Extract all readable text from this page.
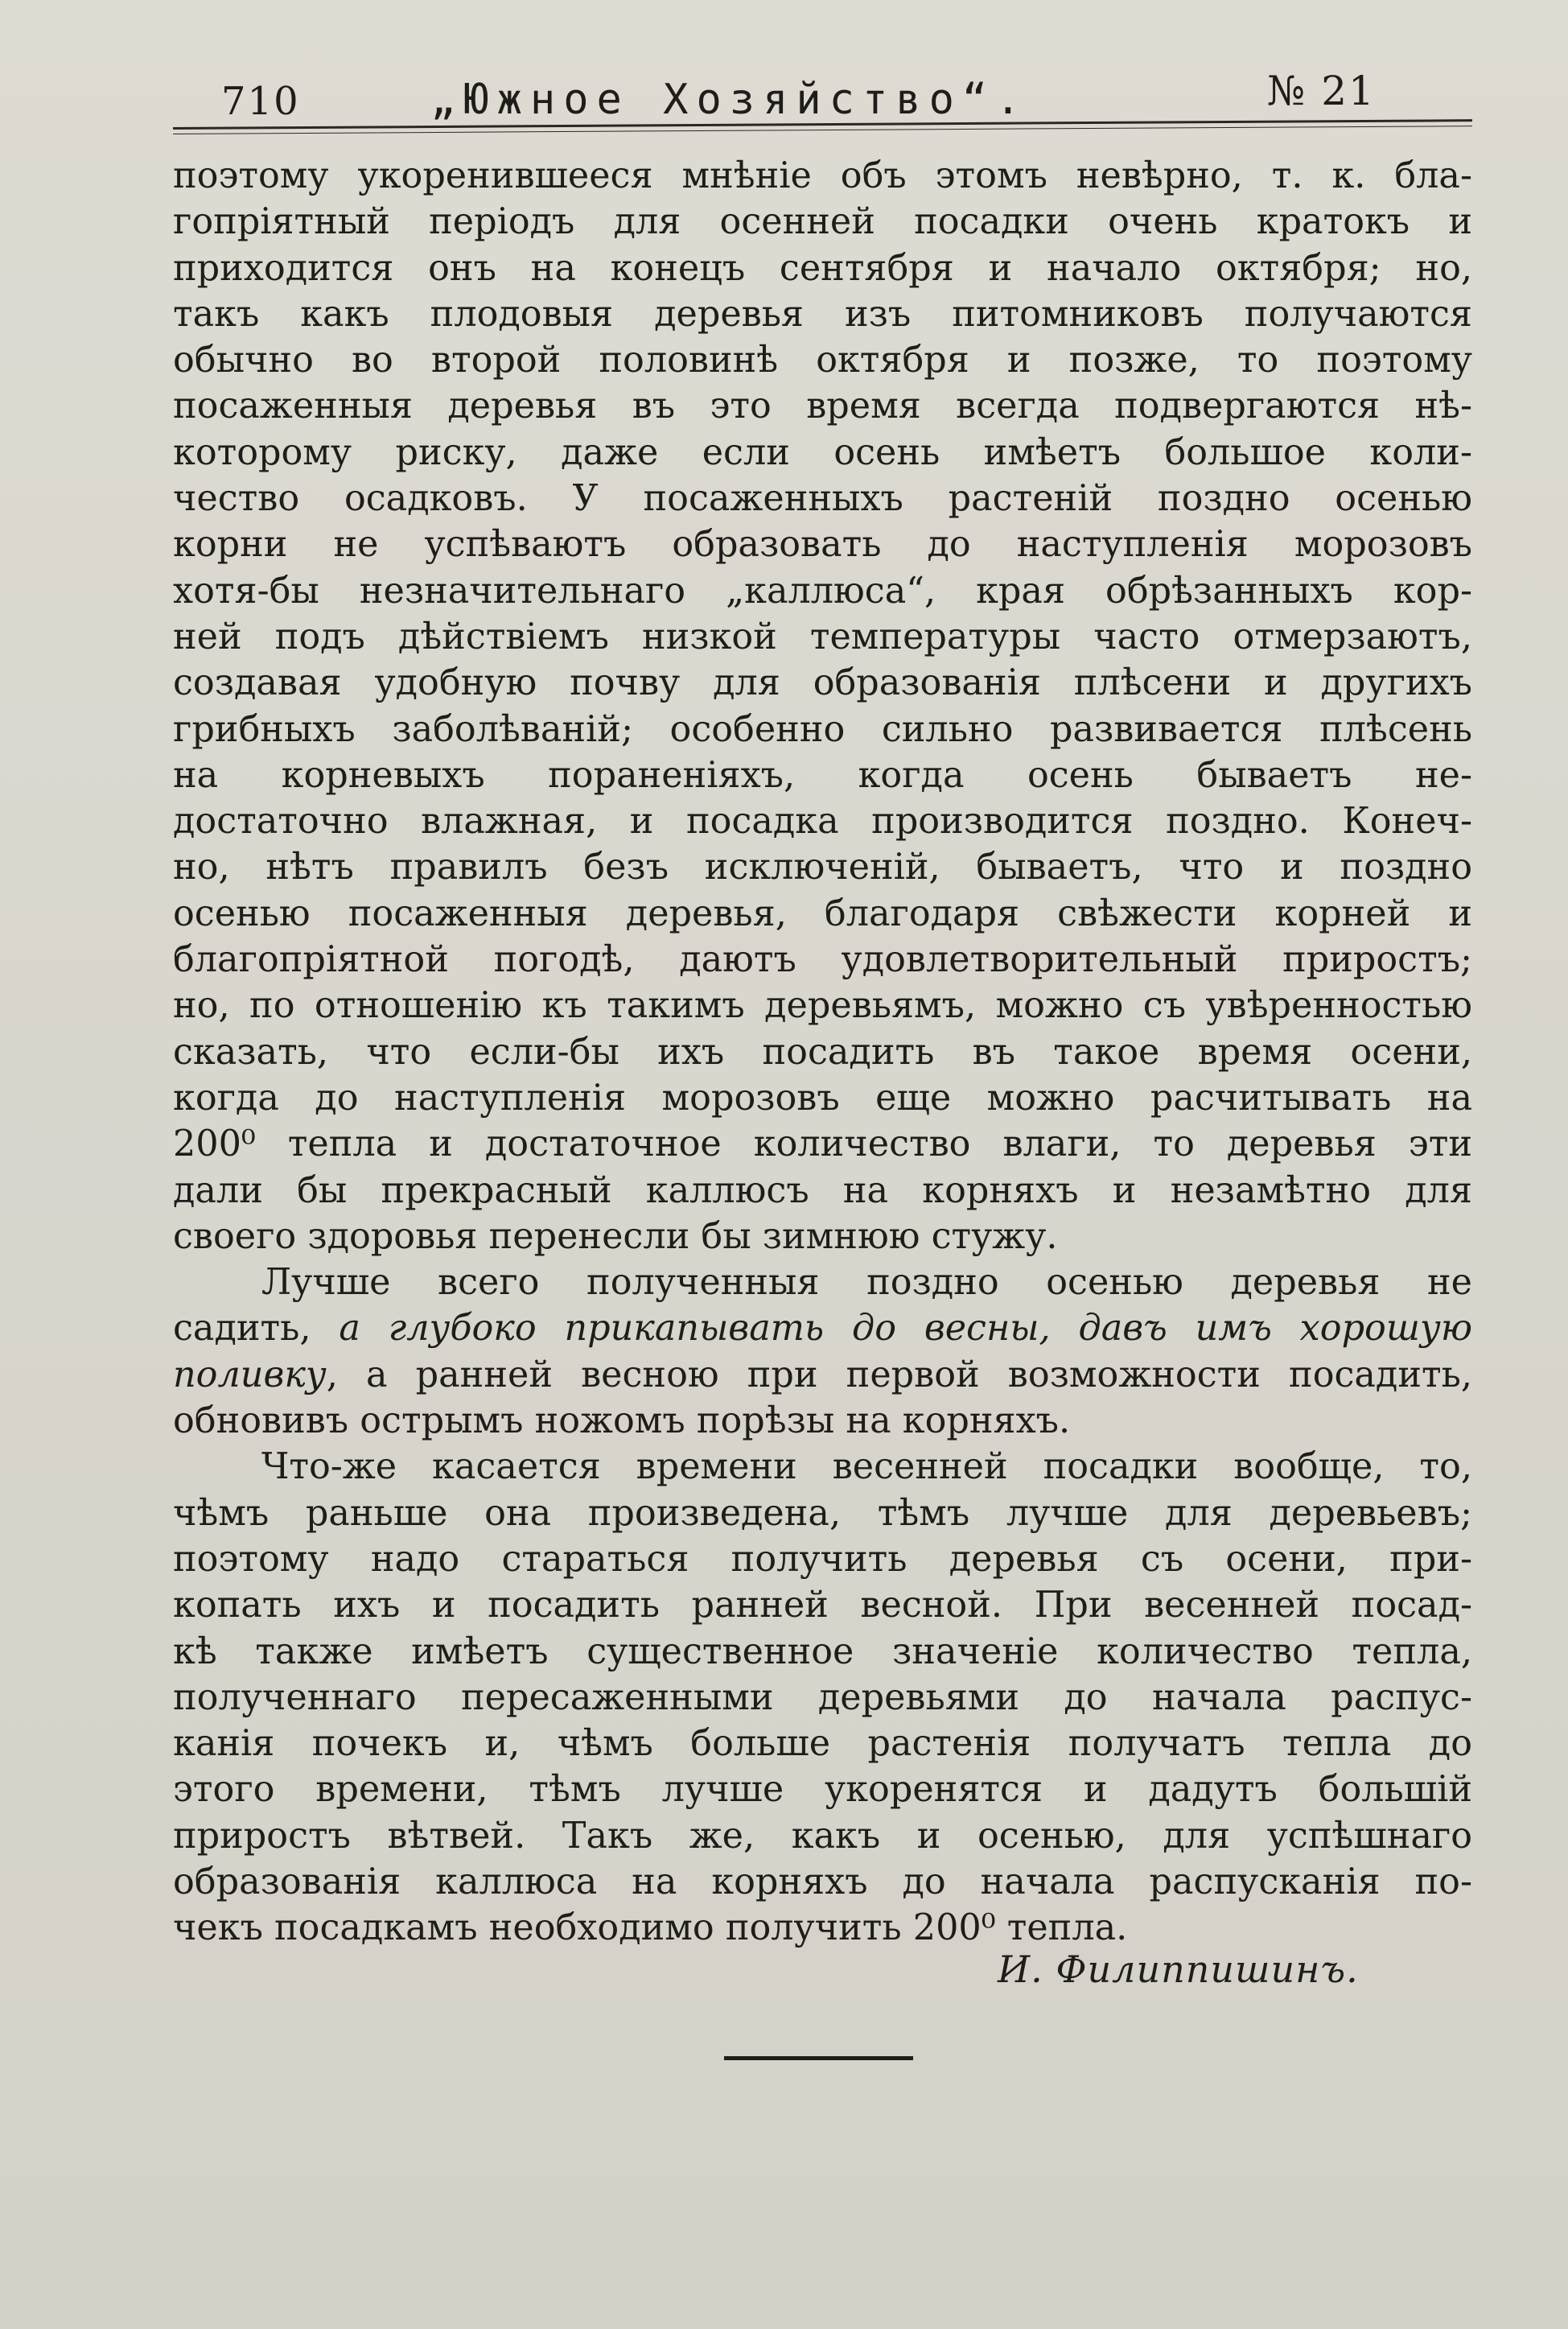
710	„Южное Хозяйство“.	№ 21
поэтому укоренившееся мнѣніе объ этомъ невѣрно, т. к. бла-
гопріятный періодъ для осенней посадки очень кратокъ и
приходится онъ на конецъ сентября и начало октября; но,
такъ какъ плодовыя деревья изъ питомниковъ получаются
обычно во второй половинѣ октября и позже, то поэтому
посаженныя деревья въ это время всегда подвергаются нѣ-
которому риску, даже если осень имѣетъ большое коли-
чество осадковъ. У посаженныхъ растеній поздно осенью
корни не успѣваютъ образовать до наступленія морозовъ
хотя-бы незначительнаго „каллюса“, края обрѣзанныхъ кор-
ней подъ дѣйствіемъ низкой температуры часто отмерзаютъ,
создавая удобную почву для образованія плѣсени и другихъ
грибныхъ заболѣваній; особенно сильно развивается плѣсень
на корневыхъ пораненіяхъ, когда осень бываетъ не-
достаточно влажная, и посадка производится поздно. Конеч-
но, нѣтъ правилъ безъ исключеній, бываетъ, что и поздно
осенью посаженныя деревья, благодаря свѣжести корней и
благопріятной погодѣ, даютъ удовлетворительный приростъ;
но, по отношенію къ такимъ деревьямъ, можно съ увѣренностью
сказать, что если-бы ихъ посадить въ такое время осени,
когда до наступленія морозовъ еще можно расчитывать на
200⁰ тепла и достаточное количество влаги, то деревья эти
дали бы прекрасный каллюсъ на корняхъ и незамѣтно для
своего здоровья перенесли бы зимнюю стужу.
Лучше всего полученныя поздно осенью деревья не
садить, а глубоко прикапывать до весны, давъ имъ хорошую
поливку, а ранней весною при первой возможности посадить,
обновивъ острымъ ножомъ порѣзы на корняхъ.
Что-же касается времени весенней посадки вообще, то,
чѣмъ раньше она произведена, тѣмъ лучше для деревьевъ;
поэтому надо стараться получить деревья съ осени, при-
копать ихъ и посадить ранней весной. При весенней посад-
кѣ также имѣетъ существенное значеніе количество тепла,
полученнаго пересаженными деревьями до начала распус-
канія почекъ и, чѣмъ больше растенія получатъ тепла до
этого времени, тѣмъ лучше укоренятся и дадутъ большій
приростъ вѣтвей. Такъ же, какъ и осенью, для успѣшнаго
образованія каллюса на корняхъ до начала распусканія по-
чекъ посадкамъ необходимо получить 200⁰ тепла.
И. Филиппишинъ.
